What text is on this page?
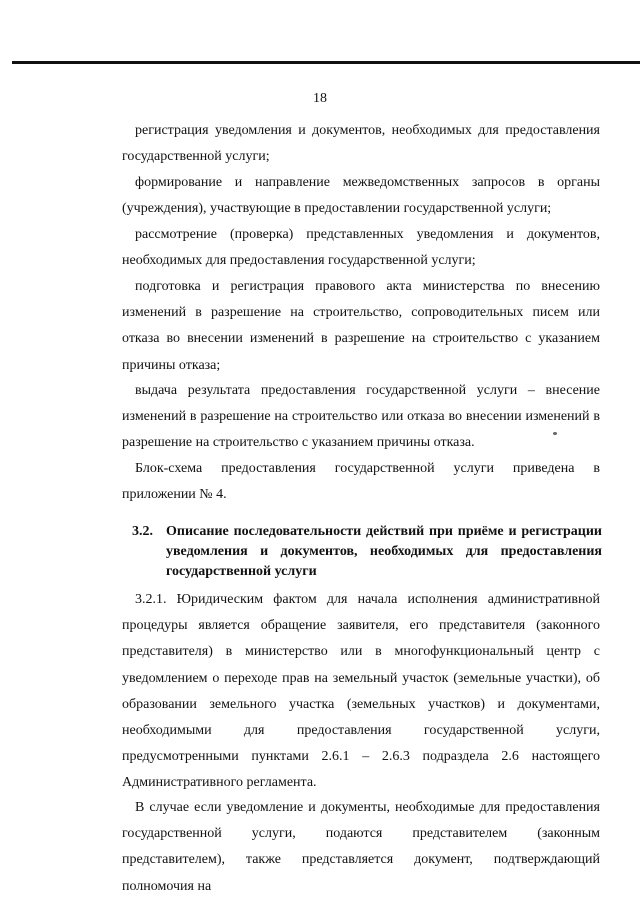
18
регистрация уведомления и документов, необходимых для предоставления государственной услуги;
формирование и направление межведомственных запросов в органы (учреждения), участвующие в предоставлении государственной услуги;
рассмотрение (проверка) представленных уведомления и документов, необходимых для предоставления государственной услуги;
подготовка и регистрация правового акта министерства по внесению изменений в разрешение на строительство, сопроводительных писем или отказа во внесении изменений в разрешение на строительство с указанием причины отказа;
выдача результата предоставления государственной услуги – внесение изменений в разрешение на строительство или отказа во внесении изменений в разрешение на строительство с указанием причины отказа.
Блок-схема предоставления государственной услуги приведена в приложении № 4.
3.2. Описание последовательности действий при приёме и регистрации уведомления и документов, необходимых для предоставления государственной услуги
3.2.1. Юридическим фактом для начала исполнения административной процедуры является обращение заявителя, его представителя (законного представителя) в министерство или в многофункциональный центр с уведомлением о переходе прав на земельный участок (земельные участки), об образовании земельного участка (земельных участков) и документами, необходимыми для предоставления государственной услуги, предусмотренными пунктами 2.6.1 – 2.6.3 подраздела 2.6 настоящего Административного регламента.
В случае если уведомление и документы, необходимые для предоставления государственной услуги, подаются представителем (законным представителем), также представляется документ, подтверждающий полномочия на
